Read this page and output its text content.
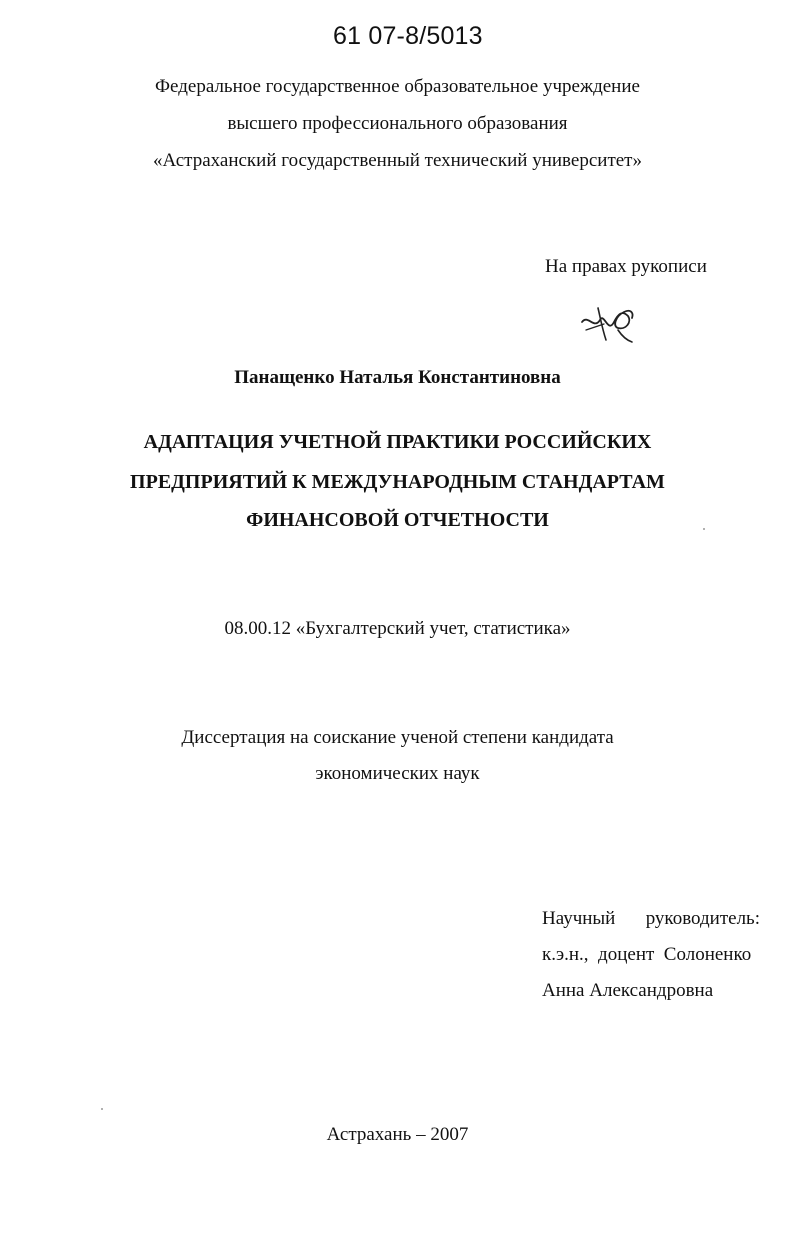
61 07-8/5013
Федеральное государственное образовательное учреждение
высшего профессионального образования
«Астраханский государственный технический университет»
На правах рукописи
Панащенко Наталья Константиновна
АДАПТАЦИЯ УЧЕТНОЙ ПРАКТИКИ РОССИЙСКИХ
ПРЕДПРИЯТИЙ К МЕЖДУНАРОДНЫМ СТАНДАРТАМ
ФИНАНСОВОЙ ОТЧЕТНОСТИ
08.00.12 «Бухгалтерский учет, статистика»
Диссертация на соискание ученой степени кандидата
экономических наук
Научный руководитель:
к.э.н.,  доцент  Солоненко
Анна Александровна
Астрахань – 2007
